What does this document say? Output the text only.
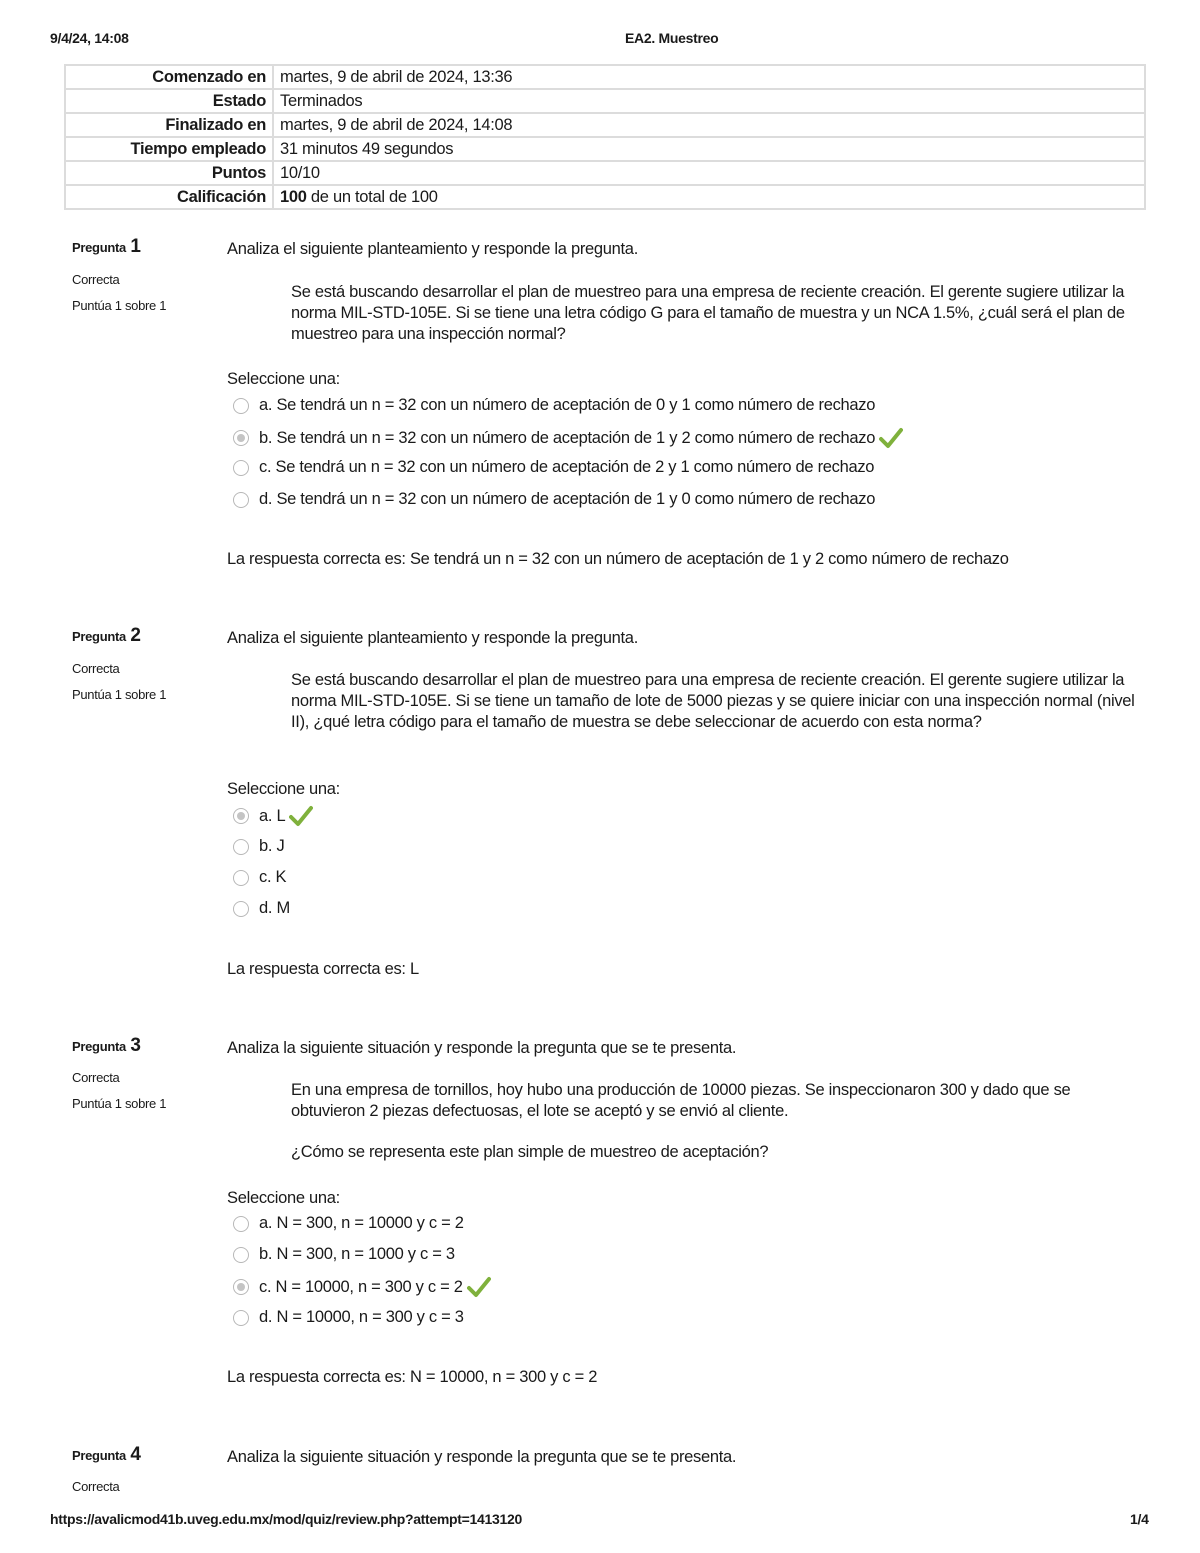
9/4/24, 14:08	EA2. Muestreo
Comenzado en	martes, 9 de abril de 2024, 13:36
Estado	Terminados
Finalizado en	martes, 9 de abril de 2024, 14:08
Tiempo empleado	31 minutos 49 segundos
Puntos	10/10
Calificación	100 de un total de 100
Pregunta 1
Correcta
Puntúa 1 sobre 1
Analiza el siguiente planteamiento y responde la pregunta.
Se está buscando desarrollar el plan de muestreo para una empresa de reciente creación. El gerente sugiere utilizar la norma MIL-STD-105E. Si se tiene una letra código G para el tamaño de muestra y un NCA 1.5%, ¿cuál será el plan de muestreo para una inspección normal?
Seleccione una:
a. Se tendrá un n = 32 con un número de aceptación de 0 y 1 como número de rechazo
b. Se tendrá un n = 32 con un número de aceptación de 1 y 2 como número de rechazo
c. Se tendrá un n = 32 con un número de aceptación de 2 y 1 como número de rechazo
d. Se tendrá un n = 32 con un número de aceptación de 1 y 0 como número de rechazo
La respuesta correcta es: Se tendrá un n = 32 con un número de aceptación de 1 y 2 como número de rechazo
Pregunta 2
Correcta
Puntúa 1 sobre 1
Analiza el siguiente planteamiento y responde la pregunta.
Se está buscando desarrollar el plan de muestreo para una empresa de reciente creación. El gerente sugiere utilizar la norma MIL-STD-105E. Si se tiene un tamaño de lote de 5000 piezas y se quiere iniciar con una inspección normal (nivel II), ¿qué letra código para el tamaño de muestra se debe seleccionar de acuerdo con esta norma?
Seleccione una:
a. L
b. J
c. K
d. M
La respuesta correcta es: L
Pregunta 3
Correcta
Puntúa 1 sobre 1
Analiza la siguiente situación y responde la pregunta que se te presenta.
En una empresa de tornillos, hoy hubo una producción de 10000 piezas. Se inspeccionaron 300 y dado que se obtuvieron 2 piezas defectuosas, el lote se aceptó y se envió al cliente.
¿Cómo se representa este plan simple de muestreo de aceptación?
Seleccione una:
a. N = 300, n = 10000 y c = 2
b. N = 300, n = 1000 y c = 3
c. N = 10000, n = 300 y c = 2
d. N = 10000, n = 300 y c = 3
La respuesta correcta es: N = 10000, n = 300 y c = 2
Pregunta 4
Correcta
Analiza la siguiente situación y responde la pregunta que se te presenta.
https://avalicmod41b.uveg.edu.mx/mod/quiz/review.php?attempt=1413120	1/4
